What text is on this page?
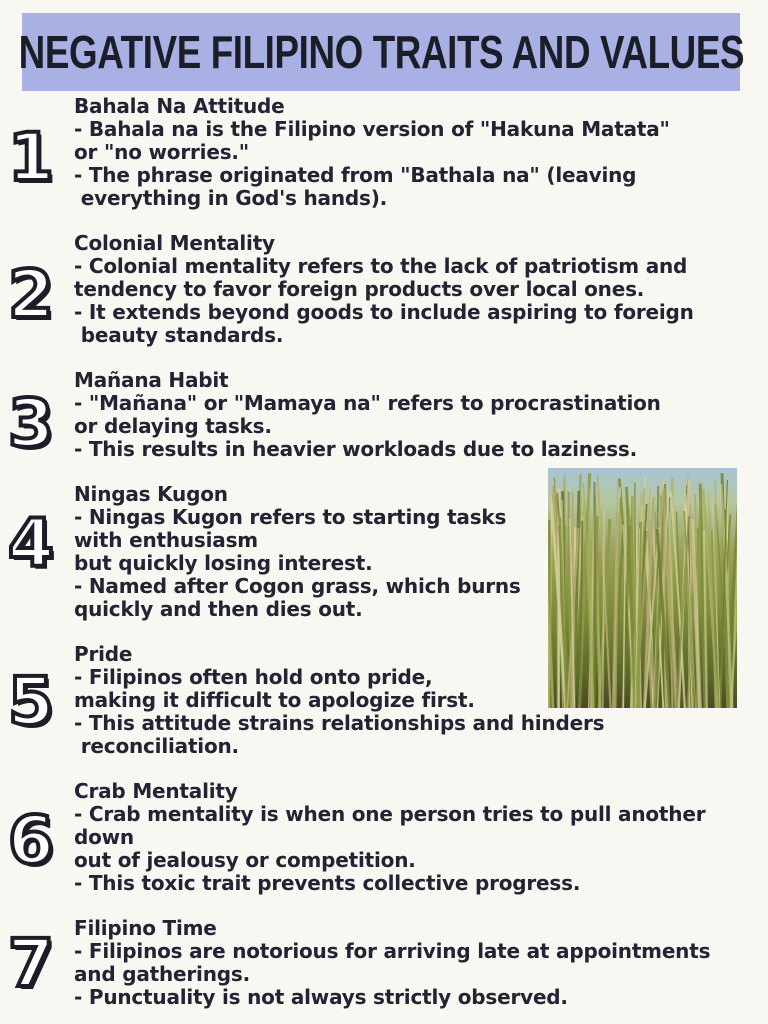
NEGATIVE FILIPINO TRAITS AND VALUES
1
Bahala Na Attitude
- Bahala na is the Filipino version of "Hakuna Matata"
or "no worries."
- The phrase originated from "Bathala na" (leaving
everything in God's hands).
2
Colonial Mentality
- Colonial mentality refers to the lack of patriotism and
tendency to favor foreign products over local ones.
- It extends beyond goods to include aspiring to foreign
beauty standards.
3
Mañana Habit
- "Mañana" or "Mamaya na" refers to procrastination
or delaying tasks.
- This results in heavier workloads due to laziness.
4
Ningas Kugon
- Ningas Kugon refers to starting tasks
with enthusiasm
but quickly losing interest.
- Named after Cogon grass, which burns
quickly and then dies out.
5
Pride
- Filipinos often hold onto pride,
making it difficult to apologize first.
- This attitude strains relationships and hinders
reconciliation.
6
Crab Mentality
- Crab mentality is when one person tries to pull another
down
out of jealousy or competition.
- This toxic trait prevents collective progress.
7 Filipino Time
- Filipinos are notorious for arriving late at appointments
and gatherings.
- Punctuality is not always strictly observed.
